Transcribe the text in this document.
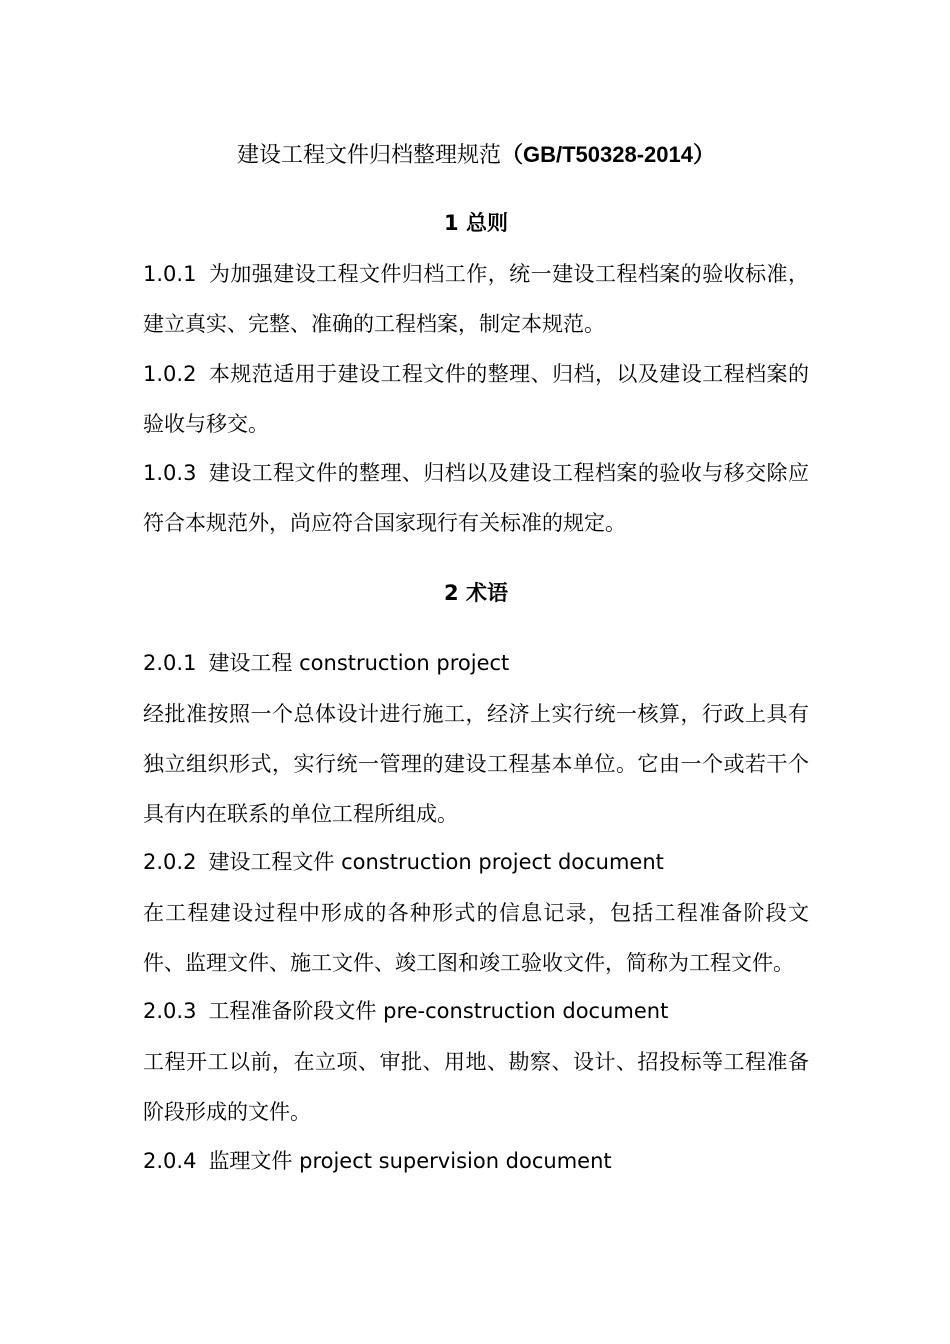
建设工程文件归档整理规范（GB/T50328-2014）
1 总则
1.0.1 为加强建设工程文件归档工作，统一建设工程档案的验收标准，建立真实、完整、准确的工程档案，制定本规范。
1.0.2 本规范适用于建设工程文件的整理、归档，以及建设工程档案的验收与移交。
1.0.3 建设工程文件的整理、归档以及建设工程档案的验收与移交除应符合本规范外，尚应符合国家现行有关标准的规定。
2 术语
2.0.1 建设工程 construction project
经批准按照一个总体设计进行施工，经济上实行统一核算，行政上具有独立组织形式，实行统一管理的建设工程基本单位。它由一个或若干个具有内在联系的单位工程所组成。
2.0.2 建设工程文件 construction project document
在工程建设过程中形成的各种形式的信息记录，包括工程准备阶段文件、监理文件、施工文件、竣工图和竣工验收文件，简称为工程文件。
2.0.3 工程准备阶段文件 pre-construction document
工程开工以前，在立项、审批、用地、勘察、设计、招投标等工程准备阶段形成的文件。
2.0.4 监理文件 project supervision document
